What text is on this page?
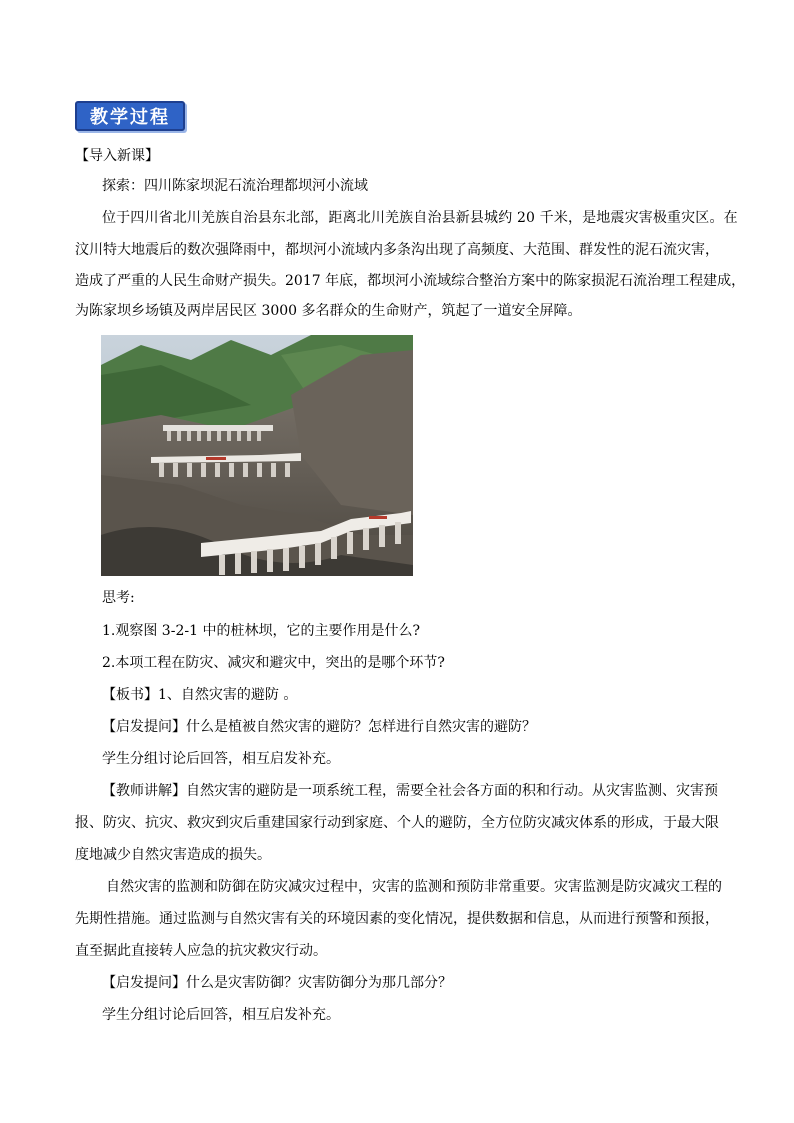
教学过程
【导入新课】
探索：四川陈家坝泥石流治理都坝河小流域
位于四川省北川羌族自治县东北部，距离北川羌族自治县新县城约 20 千米，是地震灾害极重灾区。在
汶川特大地震后的数次强降雨中，都坝河小流域内多条沟出现了高频度、大范围、群发性的泥石流灾害，
造成了严重的人民生命财产损失。2017 年底，都坝河小流域综合整治方案中的陈家损泥石流治理工程建成，
为陈家坝乡场镇及两岸居民区 3000 多名群众的生命财产，筑起了一道安全屏障。
思考:
1.观察图 3-2-1 中的桩林坝，它的主要作用是什么?
2.本项工程在防灾、减灾和避灾中，突出的是哪个环节?
【板书】1、自然灾害的避防 。
【启发提问】什么是植被自然灾害的避防？怎样进行自然灾害的避防？
学生分组讨论后回答，相互启发补充。
【教师讲解】自然灾害的避防是一项系统工程，需要全社会各方面的积和行动。从灾害监测、灾害预
报、防灾、抗灾、救灾到灾后重建国家行动到家庭、个人的避防，全方位防灾减灾体系的形成，于最大限
度地减少自然灾害造成的损失。
自然灾害的监测和防御在防灾减灾过程中，灾害的监测和预防非常重要。灾害监测是防灾减灾工程的
先期性措施。通过监测与自然灾害有关的环境因素的变化情况，提供数据和信息，从而进行预警和预报，
直至据此直接转人应急的抗灾救灾行动。
【启发提问】什么是灾害防御？灾害防御分为那几部分？
学生分组讨论后回答，相互启发补充。
